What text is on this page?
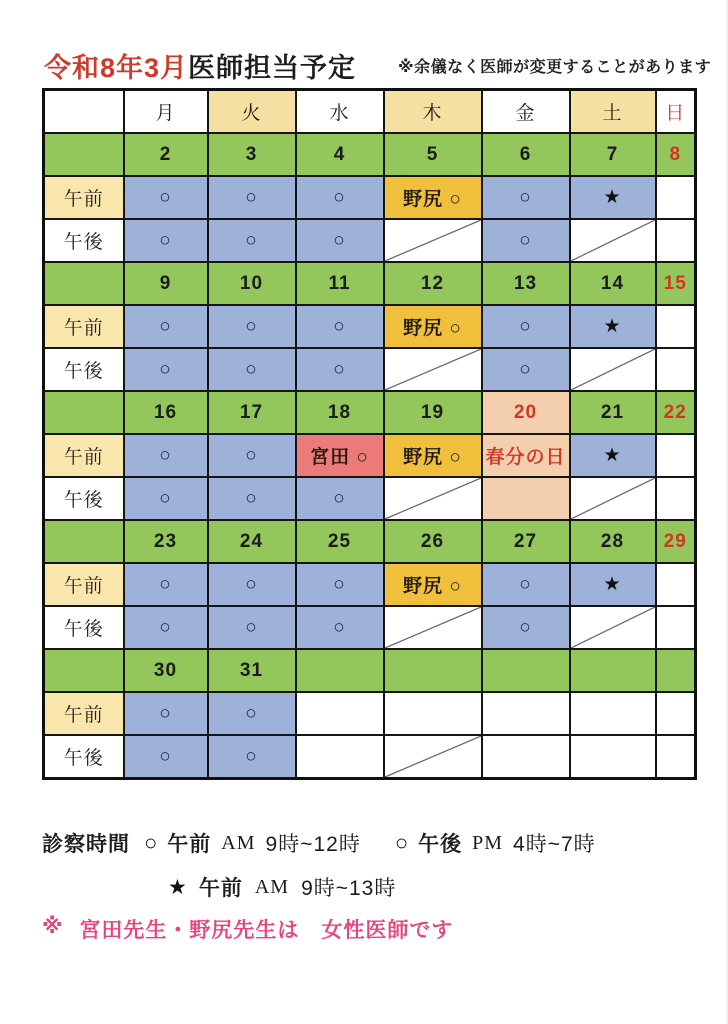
令和8年3月医師担当予定	※余儀なく医師が変更することがあります
	月	火	水	木	金	土	日
	2	3	4	5	6	7	8
午前	○	○	○	野尻 ○	○	★	
午後	○	○	○		○	

	9	10	11	12	13	14	15
午前	○	○	○	野尻 ○	○	★	
午後	○	○	○		○	

	16	17	18	19	20	21	22
午前	○	○	宮田 ○	野尻 ○	春分の日	★	
午後	○	○	○	

	23	24	25	26	27	28	29
午前	○	○	○	野尻 ○	○	★	
午後	○	○	○		○	

	30	31					
午前	○	○					
午後	○	○		

診察時間 ○ 午前 AM 9時~12時 ○ 午後 PM 4時~7時
★ 午前 AM 9時~13時
※ 宮田先生・野尻先生は　女性医師です
